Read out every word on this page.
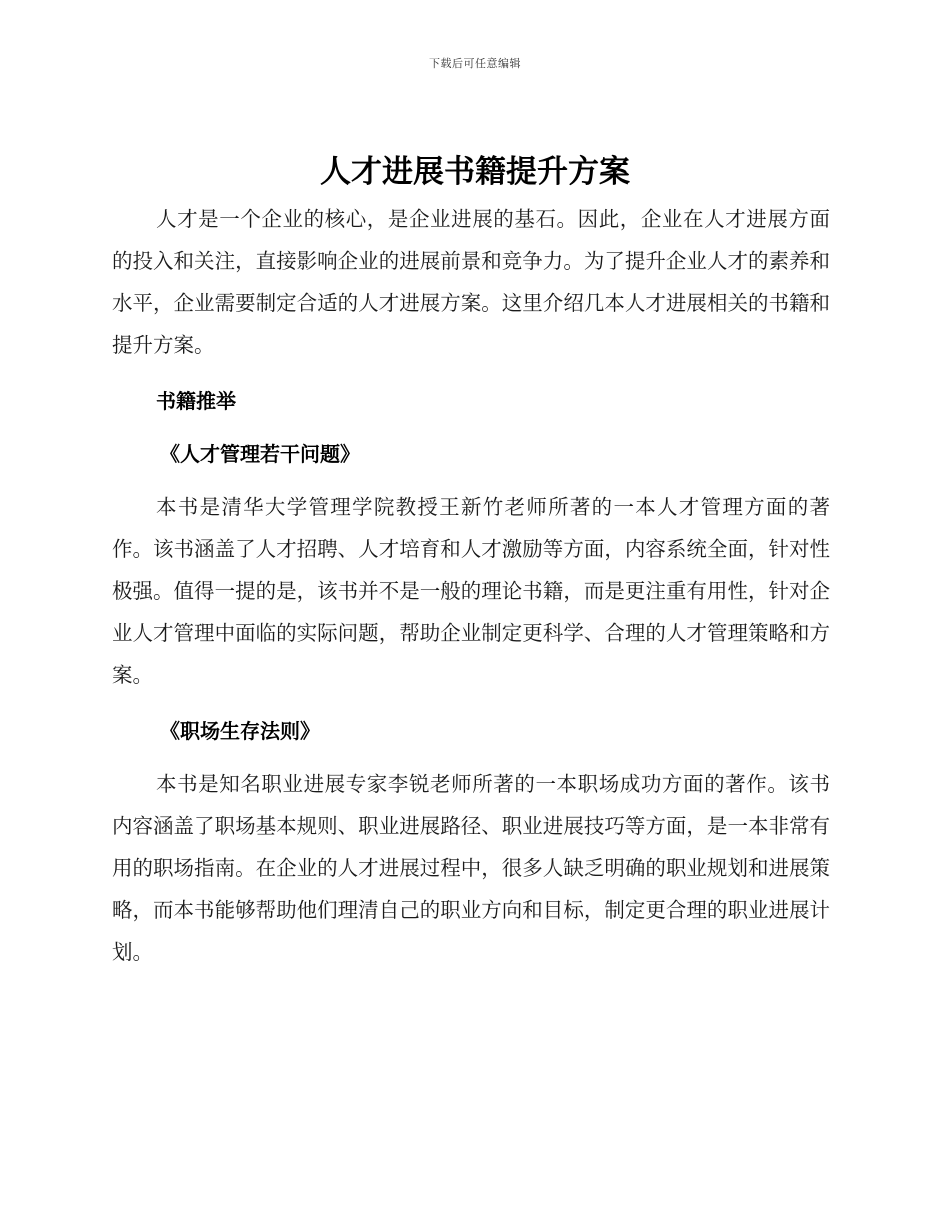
下载后可任意编辑
人才进展书籍提升方案

人才是一个企业的核心，是企业进展的基石。因此，企业在人才进展方面的投入和关注，直接影响企业的进展前景和竞争力。为了提升企业人才的素养和水平，企业需要制定合适的人才进展方案。这里介绍几本人才进展相关的书籍和提升方案。

书籍推举
《人才管理若干问题》

本书是清华大学管理学院教授王新竹老师所著的一本人才管理方面的著作。该书涵盖了人才招聘、人才培育和人才激励等方面，内容系统全面，针对性极强。值得一提的是，该书并不是一般的理论书籍，而是更注重有用性，针对企业人才管理中面临的实际问题，帮助企业制定更科学、合理的人才管理策略和方案。

《职场生存法则》

本书是知名职业进展专家李锐老师所著的一本职场成功方面的著作。该书内容涵盖了职场基本规则、职业进展路径、职业进展技巧等方面，是一本非常有用的职场指南。在企业的人才进展过程中，很多人缺乏明确的职业规划和进展策略，而本书能够帮助他们理清自己的职业方向和目标，制定更合理的职业进展计划。
